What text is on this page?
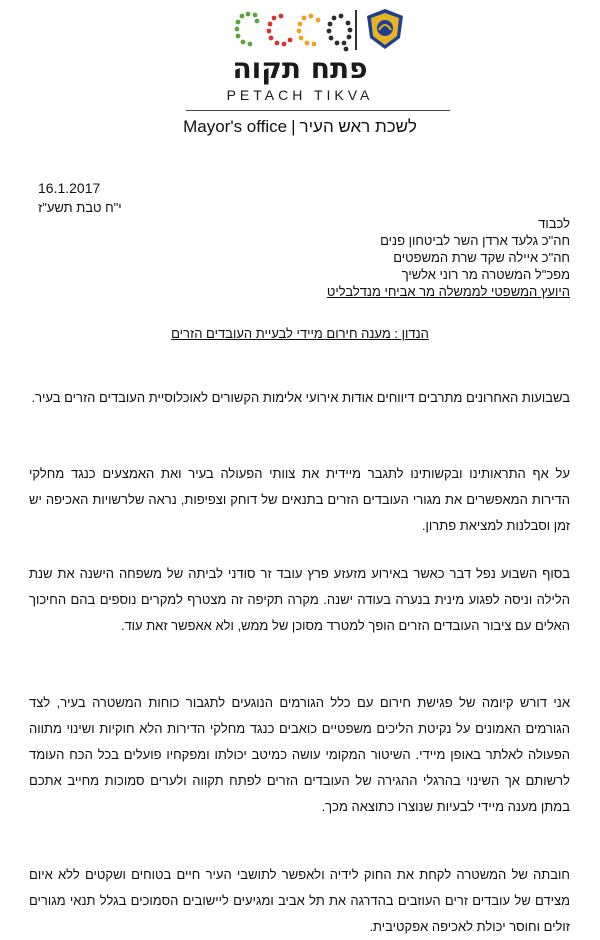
פתח תקוה
PETACH TIKVA
Mayor's office | לשכת ראש העיר
16.1.2017
י"ח טבת תשע"ז
לכבוד
חה"כ גלעד ארדן השר לביטחון פנים
חה"כ איילה שקד שרת המשפטים
מפכ"ל המשטרה מר רוני אלשיך
היועץ המשפטי לממשלה מר אביחי מנדלבליט
הנדון : מענה חירום מיידי לבעיית העובדים הזרים

בשבועות האחרונים מתרבים דיווחים אודות אירועי אלימות הקשורים לאוכלוסיית העובדים הזרים בעיר.

על אף התראותינו ובקשותינו לתגבר מיידית את צוותי הפעולה בעיר ואת האמצעים כנגד מחלקי הדירות המאפשרים את מגורי העובדים הזרים בתנאים של דוחק וצפיפות, נראה שלרשויות האכיפה יש זמן וסבלנות למציאת פתרון.

בסוף השבוע נפל דבר כאשר באירוע מזעזע פרץ עובד זר סודני לביתה של משפחה הישנה את שנת הלילה וניסה לפגוע מינית בנערה בעודה ישנה. מקרה תקיפה זה מצטרף למקרים נוספים בהם החיכוך האלים עם ציבור העובדים הזרים הופך למטרד מסוכן של ממש, ולא אאפשר זאת עוד.

אני דורש קיומה של פגישת חירום עם כלל הגורמים הנוגעים לתגבור כוחות המשטרה בעיר, לצד הגורמים האמונים על נקיטת הליכים משפטיים כואבים כנגד מחלקי הדירות הלא חוקיות ושינוי מתווה הפעולה לאלתר באופן מיידי. השיטור המקומי עושה כמיטב יכולתו ומפקחיו פועלים בכל הכח העומד לרשותם אך השינוי בהרגלי ההגירה של העובדים הזרים לפתח תקווה ולערים סמוכות מחייב אתכם במתן מענה מיידי לבעיות שנוצרו כתוצאה מכך.

חובתה של המשטרה לקחת את החוק לידיה ולאפשר לתושבי העיר חיים בטוחים ושקטים ללא איום מצידם של עובדים זרים העוזבים בהדרגה את תל אביב ומגיעים ליישובים הסמוכים בגלל תנאי מגורים זולים וחוסר יכולת לאכיפה אפקטיבית.
